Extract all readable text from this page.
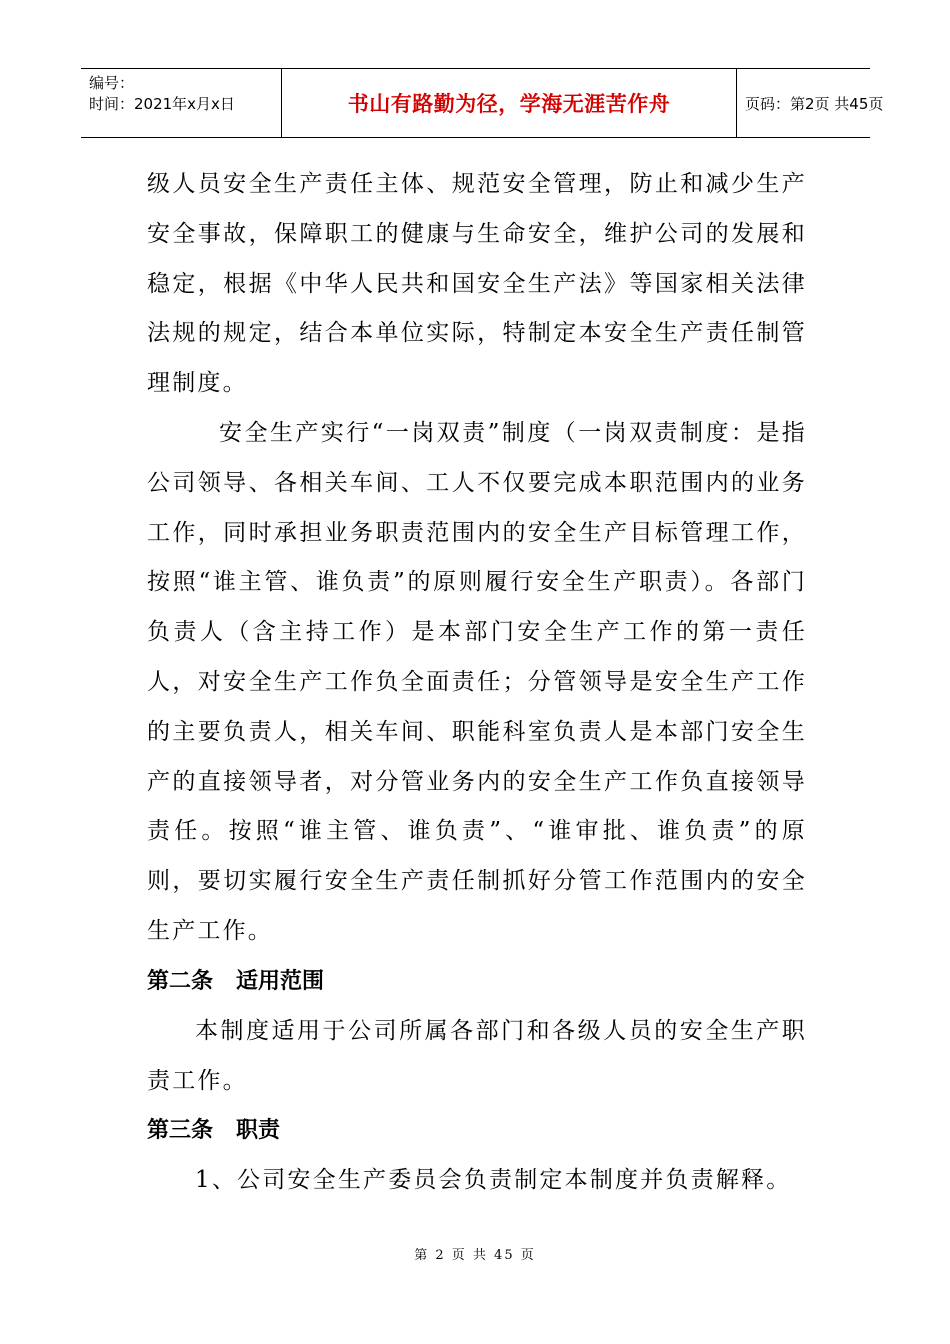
编号：
时间：2021年x月x日	书山有路勤为径，学海无涯苦作舟	页码：第2页 共45页

级人员安全生产责任主体、规范安全管理，防止和减少生产安全事故，保障职工的健康与生命安全，维护公司的发展和稳定，根据《中华人民共和国安全生产法》等国家相关法律法规的规定，结合本单位实际，特制定本安全生产责任制管理制度。

安全生产实行“一岗双责”制度（一岗双责制度：是指公司领导、各相关车间、工人不仅要完成本职范围内的业务工作，同时承担业务职责范围内的安全生产目标管理工作，按照“谁主管、谁负责”的原则履行安全生产职责）。各部门负责人（含主持工作）是本部门安全生产工作的第一责任人，对安全生产工作负全面责任；分管领导是安全生产工作的主要负责人，相关车间、职能科室负责人是本部门安全生产的直接领导者，对分管业务内的安全生产工作负直接领导责任。按照“谁主管、谁负责”、“谁审批、谁负责”的原则，要切实履行安全生产责任制抓好分管工作范围内的安全生产工作。

第二条   适用范围

本制度适用于公司所属各部门和各级人员的安全生产职责工作。

第三条   职责

1、公司安全生产委员会负责制定本制度并负责解释。

第 2 页 共 45 页
